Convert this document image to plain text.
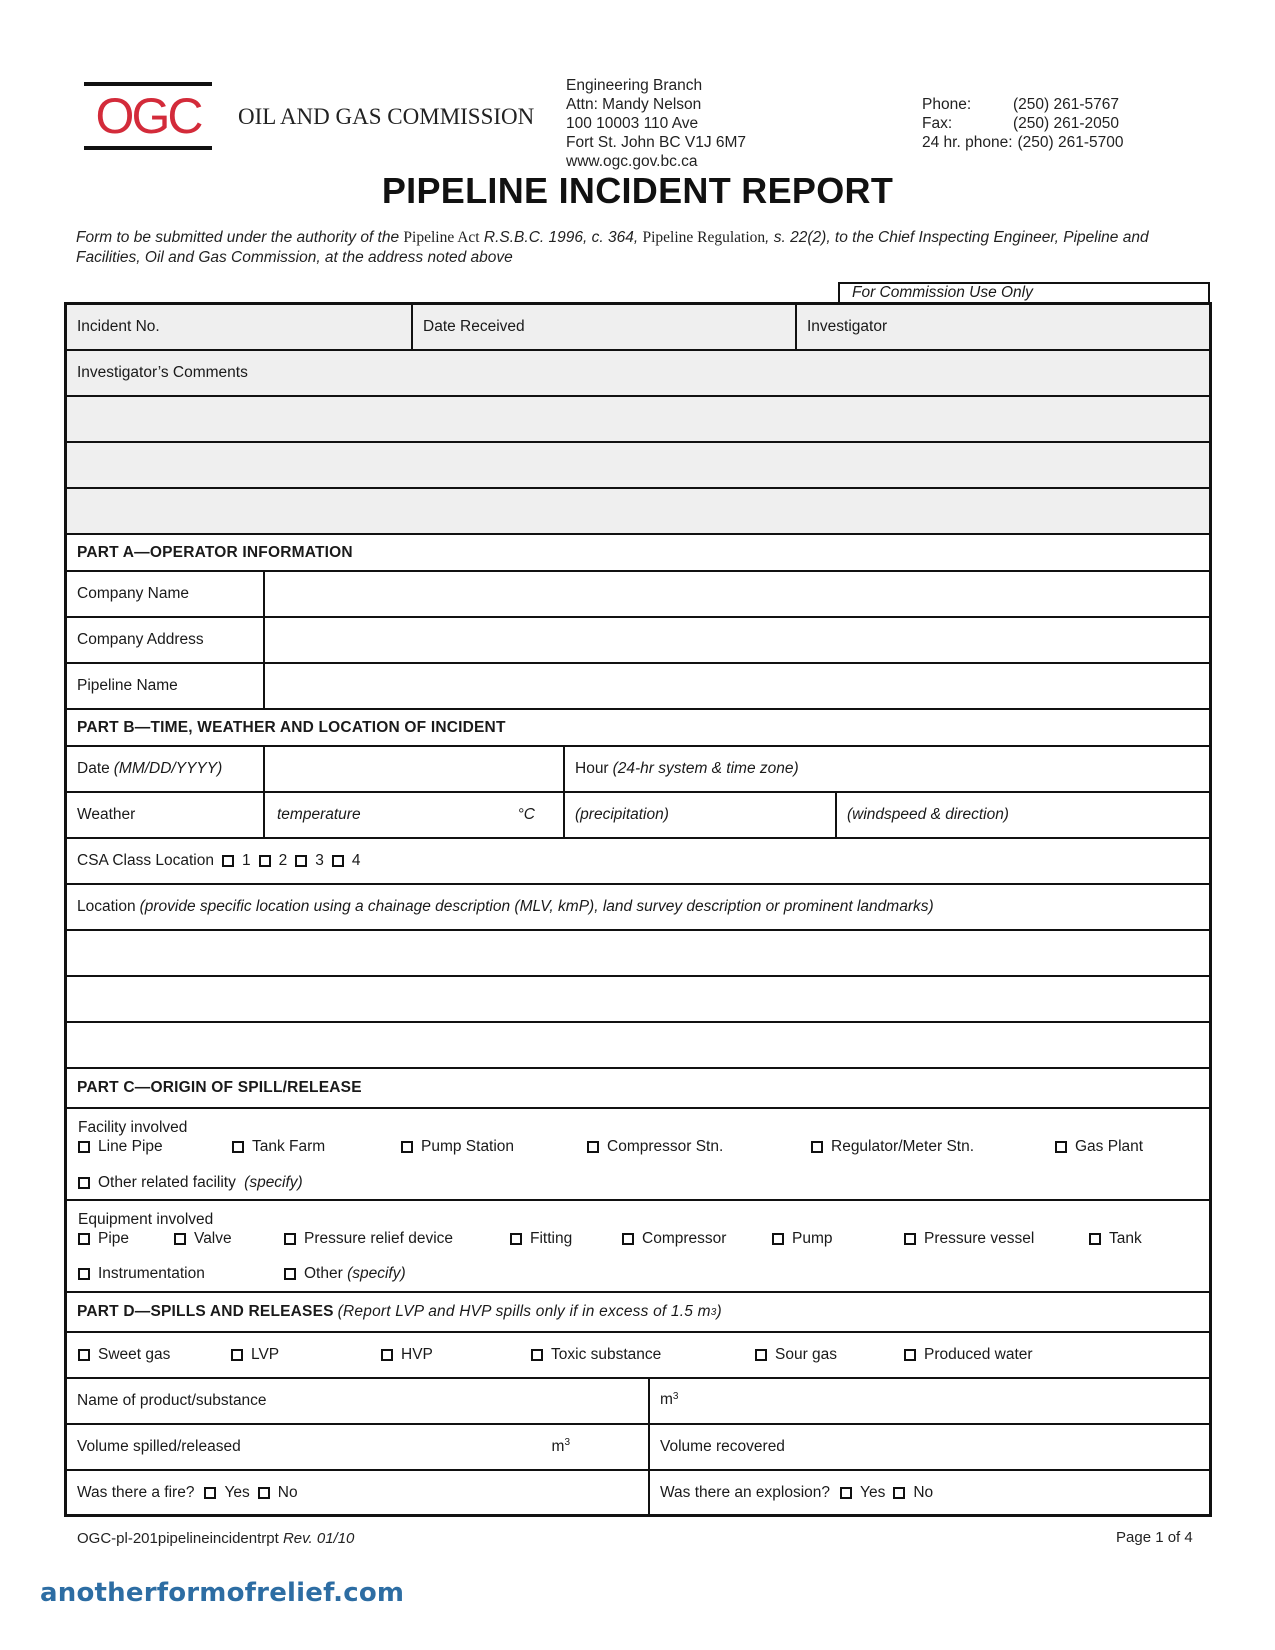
OGC	OIL AND GAS COMMISSION
Engineering Branch
Attn: Mandy Nelson
100 10003 110 Ave
Fort St. John BC V1J 6M7
www.ogc.gov.bc.ca
Phone:	(250) 261-5767
Fax:	(250) 261-2050
24 hr. phone: (250) 261-5700
PIPELINE INCIDENT REPORT
Form to be submitted under the authority of the Pipeline Act R.S.B.C. 1996, c. 364, Pipeline Regulation, s. 22(2), to the Chief Inspecting Engineer, Pipeline and Facilities, Oil and Gas Commission, at the address noted above
For Commission Use Only
Incident No.	Date Received	Investigator
Investigator’s Comments
PART A—OPERATOR INFORMATION
Company Name
Company Address
Pipeline Name
PART B—TIME, WEATHER AND LOCATION OF INCIDENT
Date (MM/DD/YYYY)	Hour (24-hr system & time zone)
Weather	temperature	°C	(precipitation)	(windspeed & direction)
CSA Class Location 1 2 3 4
Location (provide specific location using a chainage description (MLV, kmP), land survey description or prominent landmarks)
PART C—ORIGIN OF SPILL/RELEASE
Facility involved
Line Pipe	Tank Farm	Pump Station	Compressor Stn.	Regulator/Meter Stn.	Gas Plant
Other related facility (specify)
Equipment involved
Pipe	Valve	Pressure relief device	Fitting	Compressor	Pump	Pressure vessel	Tank
Instrumentation	Other (specify)
PART D—SPILLS AND RELEASES (Report LVP and HVP spills only if in excess of 1.5 m 3 )
Sweet gas	LVP	HVP	Toxic substance	Sour gas	Produced water
Name of product/substance	$m^3$
Volume spilled/released	$m^3$	Volume recovered
Was there a fire? Yes No	Was there an explosion? Yes No
OGC-pl-201pipelineincidentrpt Rev. 01/10	Page 1 of 4
anotherformofrelief.com
